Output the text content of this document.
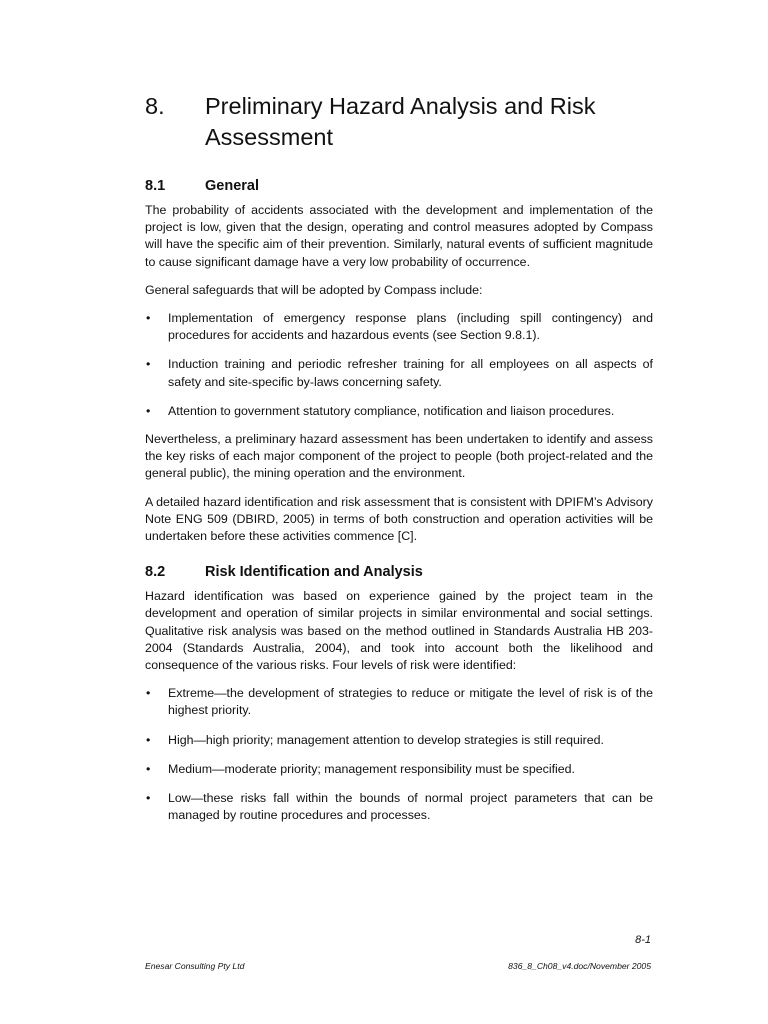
8.	Preliminary Hazard Analysis and Risk Assessment
8.1	General

The probability of accidents associated with the development and implementation of the project is low, given that the design, operating and control measures adopted by Compass will have the specific aim of their prevention. Similarly, natural events of sufficient magnitude to cause significant damage have a very low probability of occurrence.

General safeguards that will be adopted by Compass include:

• Implementation of emergency response plans (including spill contingency) and procedures for accidents and hazardous events (see Section 9.8.1).
• Induction training and periodic refresher training for all employees on all aspects of safety and site-specific by-laws concerning safety.
• Attention to government statutory compliance, notification and liaison procedures.

Nevertheless, a preliminary hazard assessment has been undertaken to identify and assess the key risks of each major component of the project to people (both project-related and the general public), the mining operation and the environment.

A detailed hazard identification and risk assessment that is consistent with DPIFM’s Advisory Note ENG 509 (DBIRD, 2005) in terms of both construction and operation activities will be undertaken before these activities commence [C].

8.2	Risk Identification and Analysis

Hazard identification was based on experience gained by the project team in the development and operation of similar projects in similar environmental and social settings. Qualitative risk analysis was based on the method outlined in Standards Australia HB 203-2004 (Standards Australia, 2004), and took into account both the likelihood and consequence of the various risks. Four levels of risk were identified:

• Extreme—the development of strategies to reduce or mitigate the level of risk is of the highest priority.
• High—high priority; management attention to develop strategies is still required.
• Medium—moderate priority; management responsibility must be specified.
• Low—these risks fall within the bounds of normal project parameters that can be managed by routine procedures and processes.
8-1
Enesar Consulting Pty Ltd	836_8_Ch08_v4.doc/November 2005
